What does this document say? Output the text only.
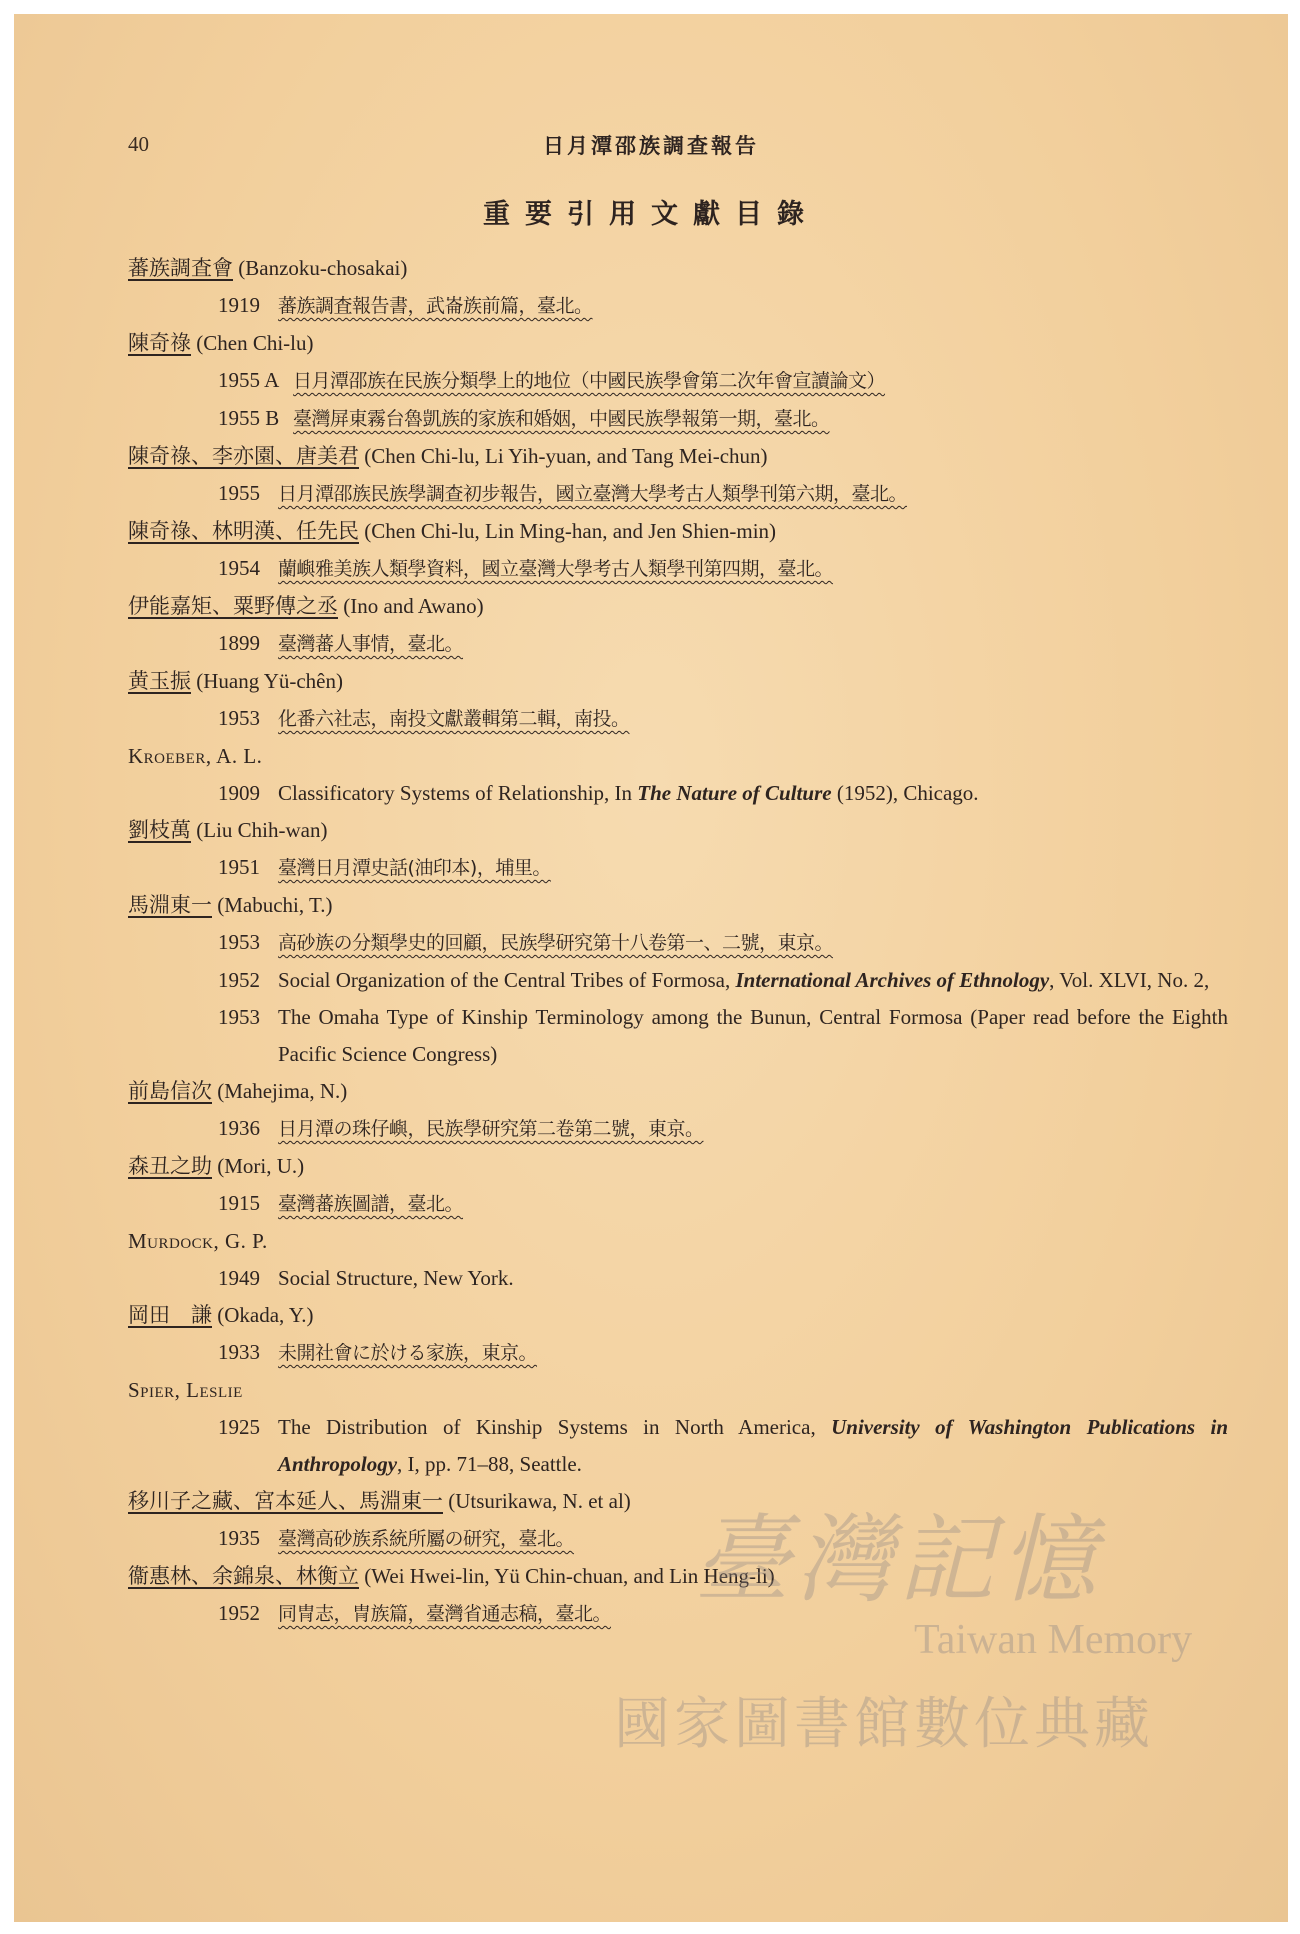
40	日月潭邵族調查報告
重要引用文獻目錄
蕃族調査會 (Banzoku-chosakai)
1919 蕃族調査報告書，武崙族前篇，臺北。
陳奇祿 (Chen Chi-lu)
1955 A 日月潭邵族在民族分類學上的地位（中國民族學會第二次年會宣讀論文）
1955 B 臺灣屏東霧台魯凱族的家族和婚姻，中國民族學報第一期，臺北。
陳奇祿、李亦園、唐美君 (Chen Chi-lu, Li Yih-yuan, and Tang Mei-chun)
1955 日月潭邵族民族學調查初步報告，國立臺灣大學考古人類學刊第六期，臺北。
陳奇祿、林明漢、任先民 (Chen Chi-lu, Lin Ming-han, and Jen Shien-min)
1954 蘭嶼雅美族人類學資料，國立臺灣大學考古人類學刊第四期，臺北。
伊能嘉矩、粟野傳之丞 (Ino and Awano)
1899 臺灣蕃人事情，臺北。
黄玉振 (Huang Yü-chên)
1953 化番六社志，南投文獻叢輯第二輯，南投。
Kroeber, A. L.
1909 Classificatory Systems of Relationship, In The Nature of Culture (1952), Chicago.
劉枝萬 (Liu Chih-wan)
1951 臺灣日月潭史話(油印本)，埔里。
馬淵東一 (Mabuchi, T.)
1953 高砂族の分類學史的回顧，民族學研究第十八卷第一、二號，東京。
1952 Social Organization of the Central Tribes of Formosa, International Archives of Ethnology, Vol. XLVI, No. 2,
1953 The Omaha Type of Kinship Terminology among the Bunun, Central Formosa (Paper read before the Eighth Pacific Science Congress)
前島信次 (Mahejima, N.)
1936 日月潭の珠仔嶼，民族學研究第二卷第二號，東京。
森丑之助 (Mori, U.)
1915 臺灣蕃族圖譜，臺北。
Murdock, G. P.
1949 Social Structure, New York.
岡田　謙 (Okada, Y.)
1933 未開社會に於ける家族，東京。
Spier, Leslie
1925 The Distribution of Kinship Systems in North America, University of Washington Publications in Anthropology, I, pp. 71–88, Seattle.
移川子之藏、宮本延人、馬淵東一 (Utsurikawa, N. et al)
1935 臺灣高砂族系統所屬の研究，臺北。
衞惠林、余錦泉、林衡立 (Wei Hwei-lin, Yü Chin-chuan, and Lin Heng-li)
1952 同冑志，冑族篇，臺灣省通志稿，臺北。 臺灣記憶
Taiwan Memory
國家圖書館數位典藏
